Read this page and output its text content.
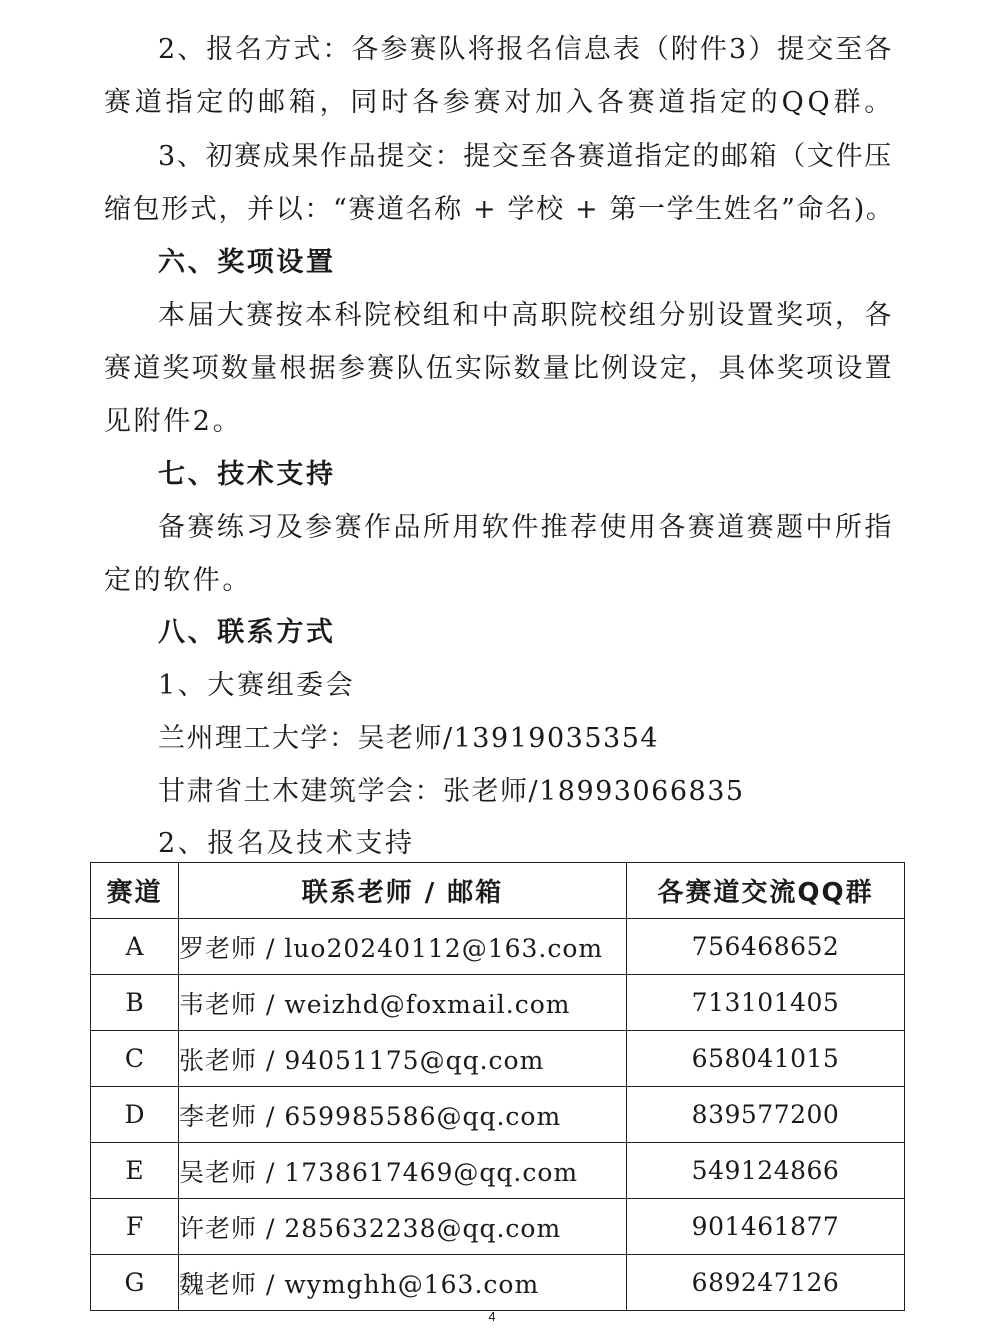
2、报名方式：各参赛队将报名信息表（附件3）提交至各

赛道指定的邮箱，同时各参赛对加入各赛道指定的QQ群。

3、初赛成果作品提交：提交至各赛道指定的邮箱（文件压

缩包形式，并以：“赛道名称 + 学校 + 第一学生姓名”命名)。

六、奖项设置

本届大赛按本科院校组和中高职院校组分别设置奖项，各

赛道奖项数量根据参赛队伍实际数量比例设定，具体奖项设置

见附件2。

七、技术支持

备赛练习及参赛作品所用软件推荐使用各赛道赛题中所指

定的软件。

八、联系方式

1、大赛组委会

兰州理工大学：吴老师/13919035354

甘肃省土木建筑学会：张老师/18993066835

2、报名及技术支持

赛道	联系老师 / 邮箱	各赛道交流QQ群
A	罗老师 / luo20240112@163.com	756468652
B	韦老师 / weizhd@foxmail.com	713101405
C	张老师 / 94051175@qq.com	658041015
D	李老师 / 659985586@qq.com	839577200
E	吴老师 / 1738617469@qq.com	549124866
F	许老师 / 285632238@qq.com	901461877
G	魏老师 / wymghh@163.com	689247126
4
